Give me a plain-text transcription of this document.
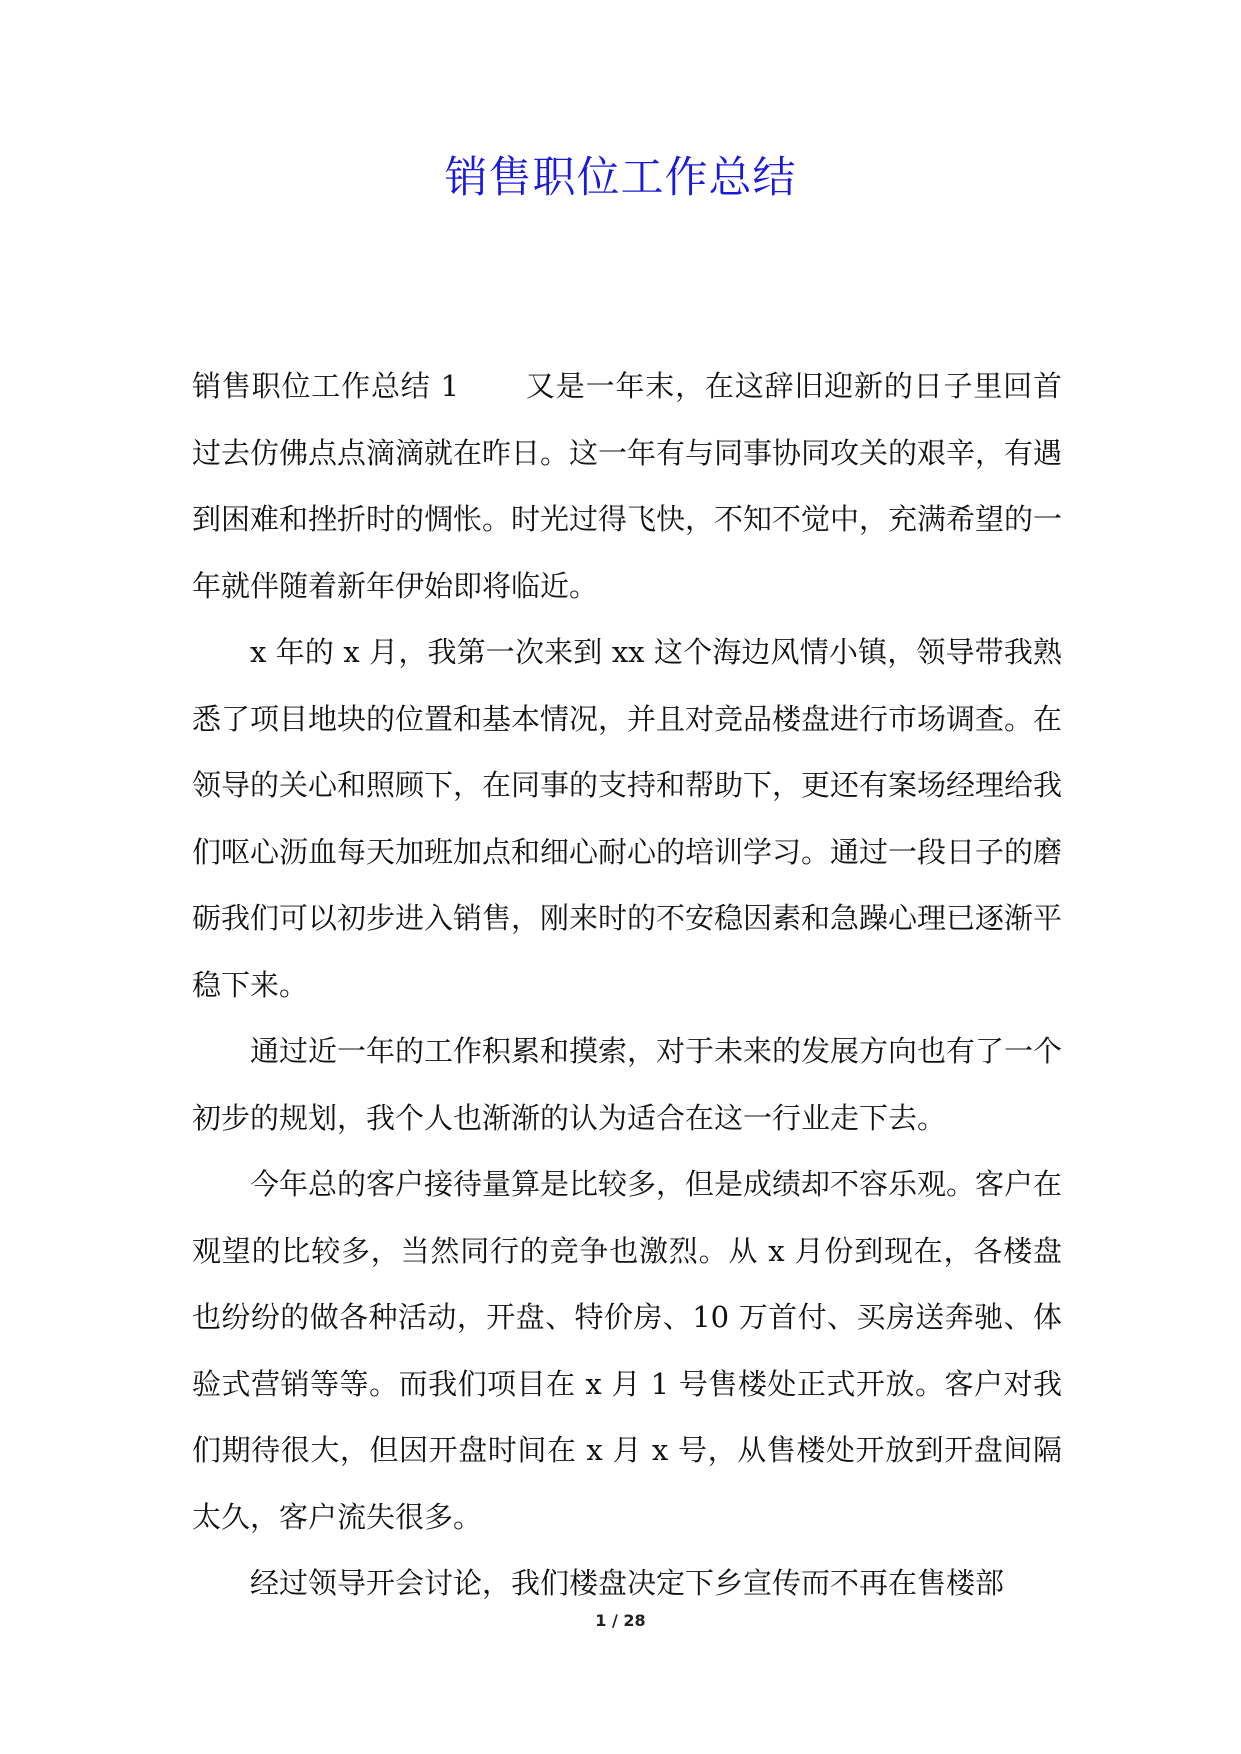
销售职位工作总结

销售职位工作总结 1 又是一年末，在这辞旧迎新的日子里回首过去仿佛点点滴滴就在昨日。这一年有与同事协同攻关的艰辛，有遇到困难和挫折时的惆怅。时光过得飞快，不知不觉中，充满希望的一年就伴随着新年伊始即将临近。

x 年的 x 月，我第一次来到 xx 这个海边风情小镇，领导带我熟悉了项目地块的位置和基本情况，并且对竞品楼盘进行市场调查。在领导的关心和照顾下，在同事的支持和帮助下，更还有案场经理给我们呕心沥血每天加班加点和细心耐心的培训学习。通过一段日子的磨砺我们可以初步进入销售，刚来时的不安稳因素和急躁心理已逐渐平稳下来。

通过近一年的工作积累和摸索，对于未来的发展方向也有了一个初步的规划，我个人也渐渐的认为适合在这一行业走下去。

今年总的客户接待量算是比较多，但是成绩却不容乐观。客户在观望的比较多，当然同行的竞争也激烈。从 x 月份到现在，各楼盘也纷纷的做各种活动，开盘、特价房、10 万首付、买房送奔驰、体验式营销等等。而我们项目在 x 月 1 号售楼处正式开放。客户对我们期待很大，但因开盘时间在 x 月 x 号，从售楼处开放到开盘间隔太久，客户流失很多。

经过领导开会讨论，我们楼盘决定下乡宣传而不再在售楼部

1 / 28
